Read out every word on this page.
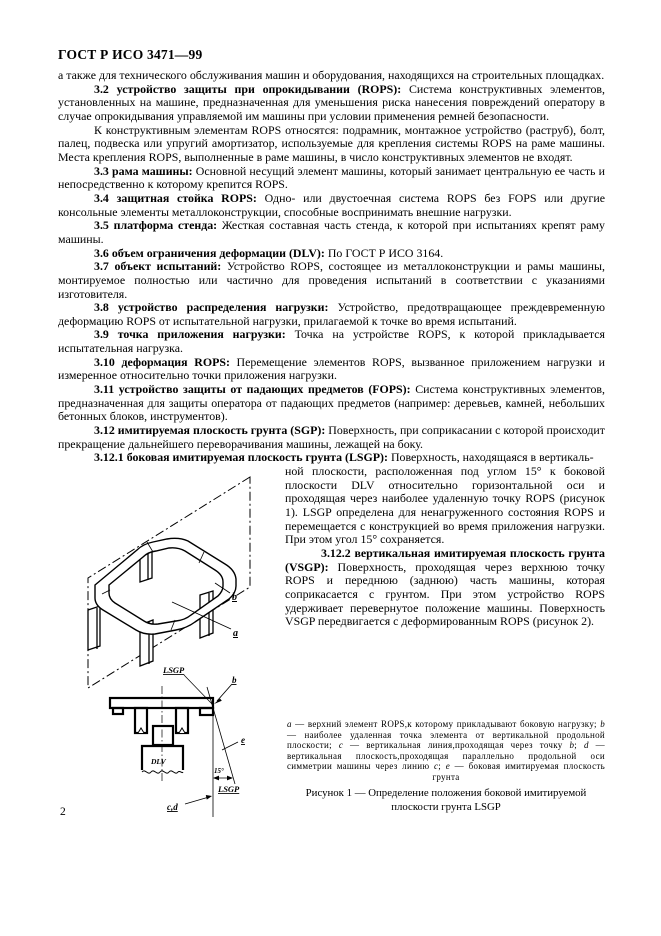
ГОСТ Р ИСО 3471—99

а также для технического обслуживания машин и оборудования, находящихся на строительных площадках.

3.2 устройство защиты при опрокидывании (ROPS): Система конструктивных элементов, установленных на машине, предназначенная для уменьшения риска нанесения повреждений оператору в случае опрокидывания управляемой им машины при условии применения ремней безопасности.

К конструктивным элементам ROPS относятся: подрамник, монтажное устройство (раструб), болт, палец, подвеска или упругий амортизатор, используемые для крепления системы ROPS на раме машины. Места крепления ROPS, выполненные в раме машины, в число конструктивных элементов не входят.

3.3 рама машины: Основной несущий элемент машины, который занимает центральную ее часть и непосредственно к которому крепится ROPS.

3.4 защитная стойка ROPS: Одно- или двустоечная система ROPS без FOPS или другие консольные элементы металлоконструкции, способные воспринимать внешние нагрузки.

3.5 платформа стенда: Жесткая составная часть стенда, к которой при испытаниях крепят раму машины.

3.6 объем ограничения деформации (DLV): По ГОСТ Р ИСО 3164.

3.7 объект испытаний: Устройство ROPS, состоящее из металлоконструкции и рамы машины, монтируемое полностью или частично для проведения испытаний в соответствии с указаниями изготовителя.

3.8 устройство распределения нагрузки: Устройство, предотвращающее преждевременную деформацию ROPS от испытательной нагрузки, прилагаемой к точке во время испытаний.

3.9 точка приложения нагрузки: Точка на устройстве ROPS, к которой прикладывается испытательная нагрузка.

3.10 деформация ROPS: Перемещение элементов ROPS, вызванное приложением нагрузки и измеренное относительно точки приложения нагрузки.

3.11 устройство защиты от падающих предметов (FOPS): Система конструктивных элементов, предназначенная для защиты оператора от падающих предметов (например: деревьев, камней, небольших бетонных блоков, инструментов).

3.12 имитируемая плоскость грунта (SGP): Поверхность, при соприкасании с которой происходит прекращение дальнейшего переворачивания машины, лежащей на боку.

3.12.1 боковая имитируемая плоскость грунта (LSGP): Поверхность, находящаяся в вертикаль-

ной плоскости, расположенная под углом 15° к боковой плоскости DLV относительно горизонтальной оси и проходящая через наиболее удаленную точку ROPS (рисунок 1). LSGP определена для ненагруженного состояния ROPS и перемещается с конструкцией во время приложения нагрузки. При этом угол 15° сохраняется.

3.12.2 вертикальная имитируемая плоскость грунта (VSGP): Поверхность, проходящая через верхнюю точку ROPS и переднюю (заднюю) часть машины, которая соприкасается с грунтом. При этом устройство ROPS удерживает перевернутое положение машины. Поверхность VSGP передвигается с деформированным ROPS (рисунок 2).

b
a
LSGP
b
DLV
e
15°
LSGP
c,d
a — верхний элемент ROPS,к которому прикладывают боковую нагрузку; b — наиболее удаленная точка элемента от вертикальной продольной плоскости; c — вертикальная линия,проходящая через точку b; d — вертикальная плоскость,проходящая параллельно продольной оси симметрии машины через линию c; e — боковая имитируемая плоскость грунта
Рисунок 1 — Определение положения боковой имитируемой плоскости грунта LSGP
2
